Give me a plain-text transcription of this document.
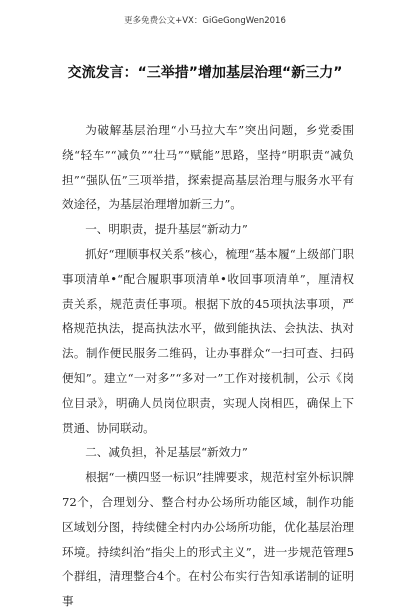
更多免费公文+VX：GiGeGongWen2016
交流发言：“三举措”增加基层治理“新三力”

为破解基层治理“小马拉大车”突出问题，乡党委围绕“轻车”“减负”“壮马”“赋能”思路，坚持“明职责“减负担”“强队伍”三项举措，探索提高基层治理与服务水平有效途径，为基层治理增加新三力”。

一、明职责，提升基层“新动力”

抓好“理顺事权关系”核心，梳理“基本履“上级部门职事项清单•“配合履职事项清单•收回事项清单”，厘清权责关系，规范责任事项。根据下放的45项执法事项，严格规范执法，提高执法水平，做到能执法、会执法、执对法。制作便民服务二维码，让办事群众“一扫可查、扫码便知”。建立“一对多”“多对一”工作对接机制，公示《岗位目录》，明确人员岗位职责，实现人岗相匹，确保上下贯通、协同联动。

二、减负担，补足基层“新效力”

根据“一横四竖一标识”挂牌要求，规范村室外标识牌72个，合理划分、整合村办公场所功能区域，制作功能区域划分图，持续健全村内办公场所功能，优化基层治理环境。持续纠治“指尖上的形式主义”，进一步规范管理5个群组，清理整合4个。在村公布实行告知承诺制的证明事
